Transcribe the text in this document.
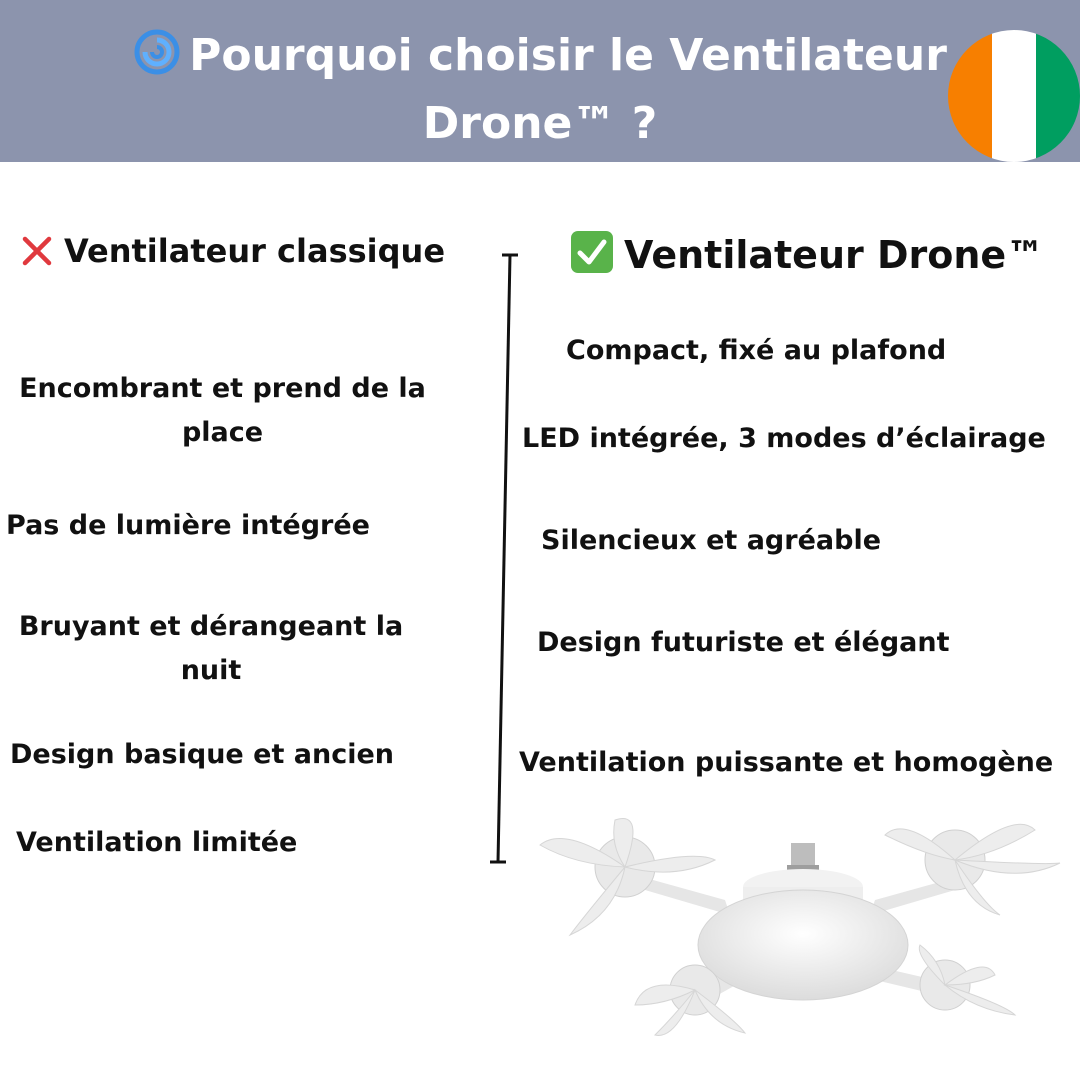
Pourquoi choisir le Ventilateur
Drone™ ?
Ventilateur classique	Ventilateur Drone™
Encombrant et prend de la place
Pas de lumière intégrée
Bruyant et dérangeant la nuit
Design basique et ancien
Ventilation limitée
Compact, fixé au plafond
LED intégrée, 3 modes d’éclairage
Silencieux et agréable
Design futuriste et élégant
Ventilation puissante et homogène
